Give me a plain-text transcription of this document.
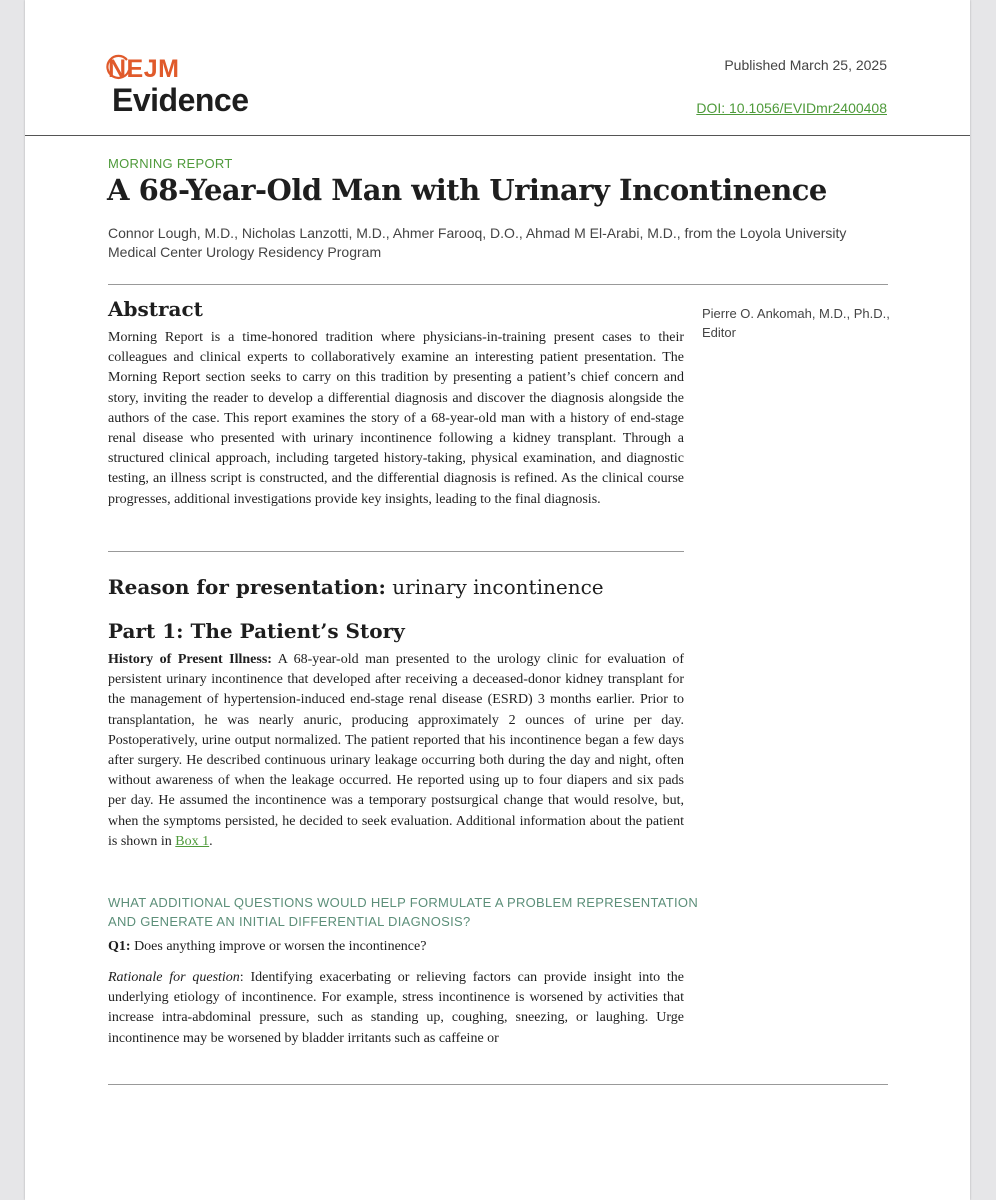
NEJM
Evidence
Published March 25, 2025
DOI: 10.1056/EVIDmr2400408
MORNING REPORT
A 68-Year-Old Man with Urinary Incontinence
Connor Lough, M.D., Nicholas Lanzotti, M.D., Ahmer Farooq, D.O., Ahmad M El-Arabi, M.D., from the Loyola University Medical Center Urology Residency Program
Abstract

Morning Report is a time-honored tradition where physicians-in-training present cases to their colleagues and clinical experts to collaboratively examine an interesting patient presentation. The Morning Report section seeks to carry on this tradition by presenting a patient’s chief concern and story, inviting the reader to develop a differential diagnosis and discover the diagnosis alongside the authors of the case. This report examines the story of a 68-year-old man with a history of end-stage renal disease who presented with urinary incontinence following a kidney transplant. Through a structured clinical approach, including targeted history-taking, physical examination, and diagnostic testing, an illness script is constructed, and the differential diagnosis is refined. As the clinical course progresses, additional investigations provide key insights, leading to the final diagnosis.

Pierre O. Ankomah, M.D., Ph.D., Editor
Reason for presentation: urinary incontinence
Part 1: The Patient’s Story

History of Present Illness: A 68-year-old man presented to the urology clinic for evaluation of persistent urinary incontinence that developed after receiving a deceased-donor kidney transplant for the management of hypertension-induced end-stage renal disease (ESRD) 3 months earlier. Prior to transplantation, he was nearly anuric, producing approximately 2 ounces of urine per day. Postoperatively, urine output normalized. The patient reported that his incontinence began a few days after surgery. He described continuous urinary leakage occurring both during the day and night, often without awareness of when the leakage occurred. He reported using up to four diapers and six pads per day. He assumed the incontinence was a temporary postsurgical change that would resolve, but, when the symptoms persisted, he decided to seek evaluation. Additional information about the patient is shown in Box 1.

WHAT ADDITIONAL QUESTIONS WOULD HELP FORMULATE A PROBLEM REPRESENTATION AND GENERATE AN INITIAL DIFFERENTIAL DIAGNOSIS?
Q1: Does anything improve or worsen the incontinence?

Rationale for question: Identifying exacerbating or relieving factors can provide insight into the underlying etiology of incontinence. For example, stress incontinence is worsened by activities that increase intra-abdominal pressure, such as standing up, coughing, sneezing, or laughing. Urge incontinence may be worsened by bladder irritants such as caffeine or
